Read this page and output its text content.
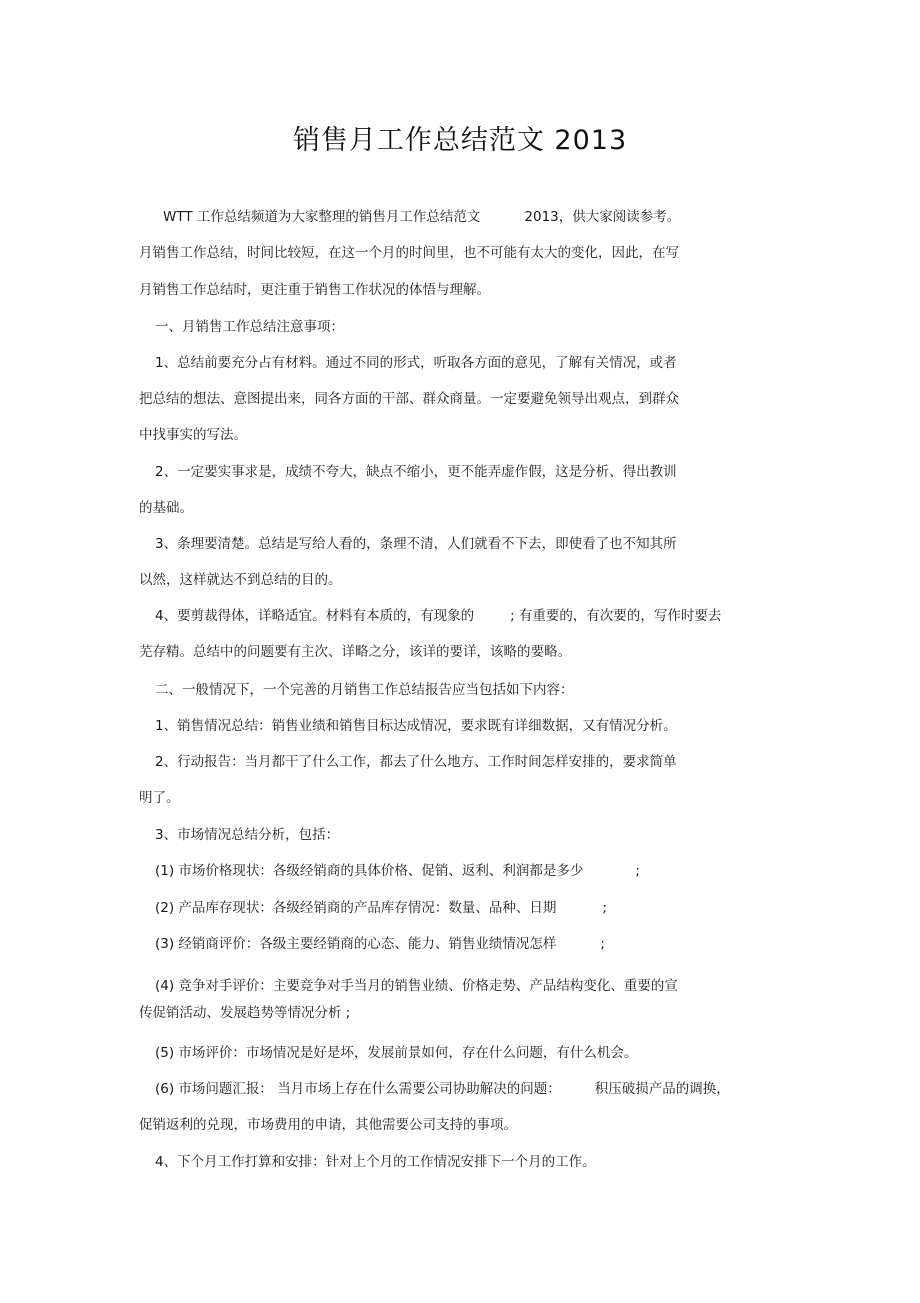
销售月工作总结范文 2013
WTT 工作总结频道为大家整理的销售月工作总结范文	2013，供大家阅读参考。
月销售工作总结，时间比较短，在这一个月的时间里，也不可能有太大的变化，因此，在写
月销售工作总结时，更注重于销售工作状况的体悟与理解。
一、月销售工作总结注意事项：
1、总结前要充分占有材料。通过不同的形式，听取各方面的意见，了解有关情况，或者
把总结的想法、意图提出来，同各方面的干部、群众商量。一定要避免领导出观点，到群众
中找事实的写法。
2、一定要实事求是，成绩不夸大，缺点不缩小，更不能弄虚作假，这是分析、得出教训
的基础。
3、条理要清楚。总结是写给人看的，条理不清，人们就看不下去，即使看了也不知其所
以然，这样就达不到总结的目的。
4、要剪裁得体，详略适宜。材料有本质的，有现象的	; 有重要的，有次要的，写作时要去
芜存精。总结中的问题要有主次、详略之分，该详的要详，该略的要略。
二、一般情况下，一个完善的月销售工作总结报告应当包括如下内容：
1、销售情况总结：销售业绩和销售目标达成情况，要求既有详细数据，又有情况分析。
2、行动报告：当月都干了什么工作，都去了什么地方、工作时间怎样安排的，要求简单
明了。
3、市场情况总结分析，包括：
(1) 市场价格现状：各级经销商的具体价格、促销、返利、利润都是多少	;
(2) 产品库存现状：各级经销商的产品库存情况：数量、品种、日期	;
(3) 经销商评价：各级主要经销商的心态、能力、销售业绩情况怎样	;
(4) 竞争对手评价：主要竞争对手当月的销售业绩、价格走势、产品结构变化、重要的宣
传促销活动、发展趋势等情况分析 ;
(5) 市场评价：市场情况是好是坏，发展前景如何，存在什么问题，有什么机会。
(6) 市场问题汇报： 当月市场上存在什么需要公司协助解决的问题：	积压破损产品的调换，
促销返利的兑现，市场费用的申请，其他需要公司支持的事项。
4、下个月工作打算和安排：针对上个月的工作情况安排下一个月的工作。
